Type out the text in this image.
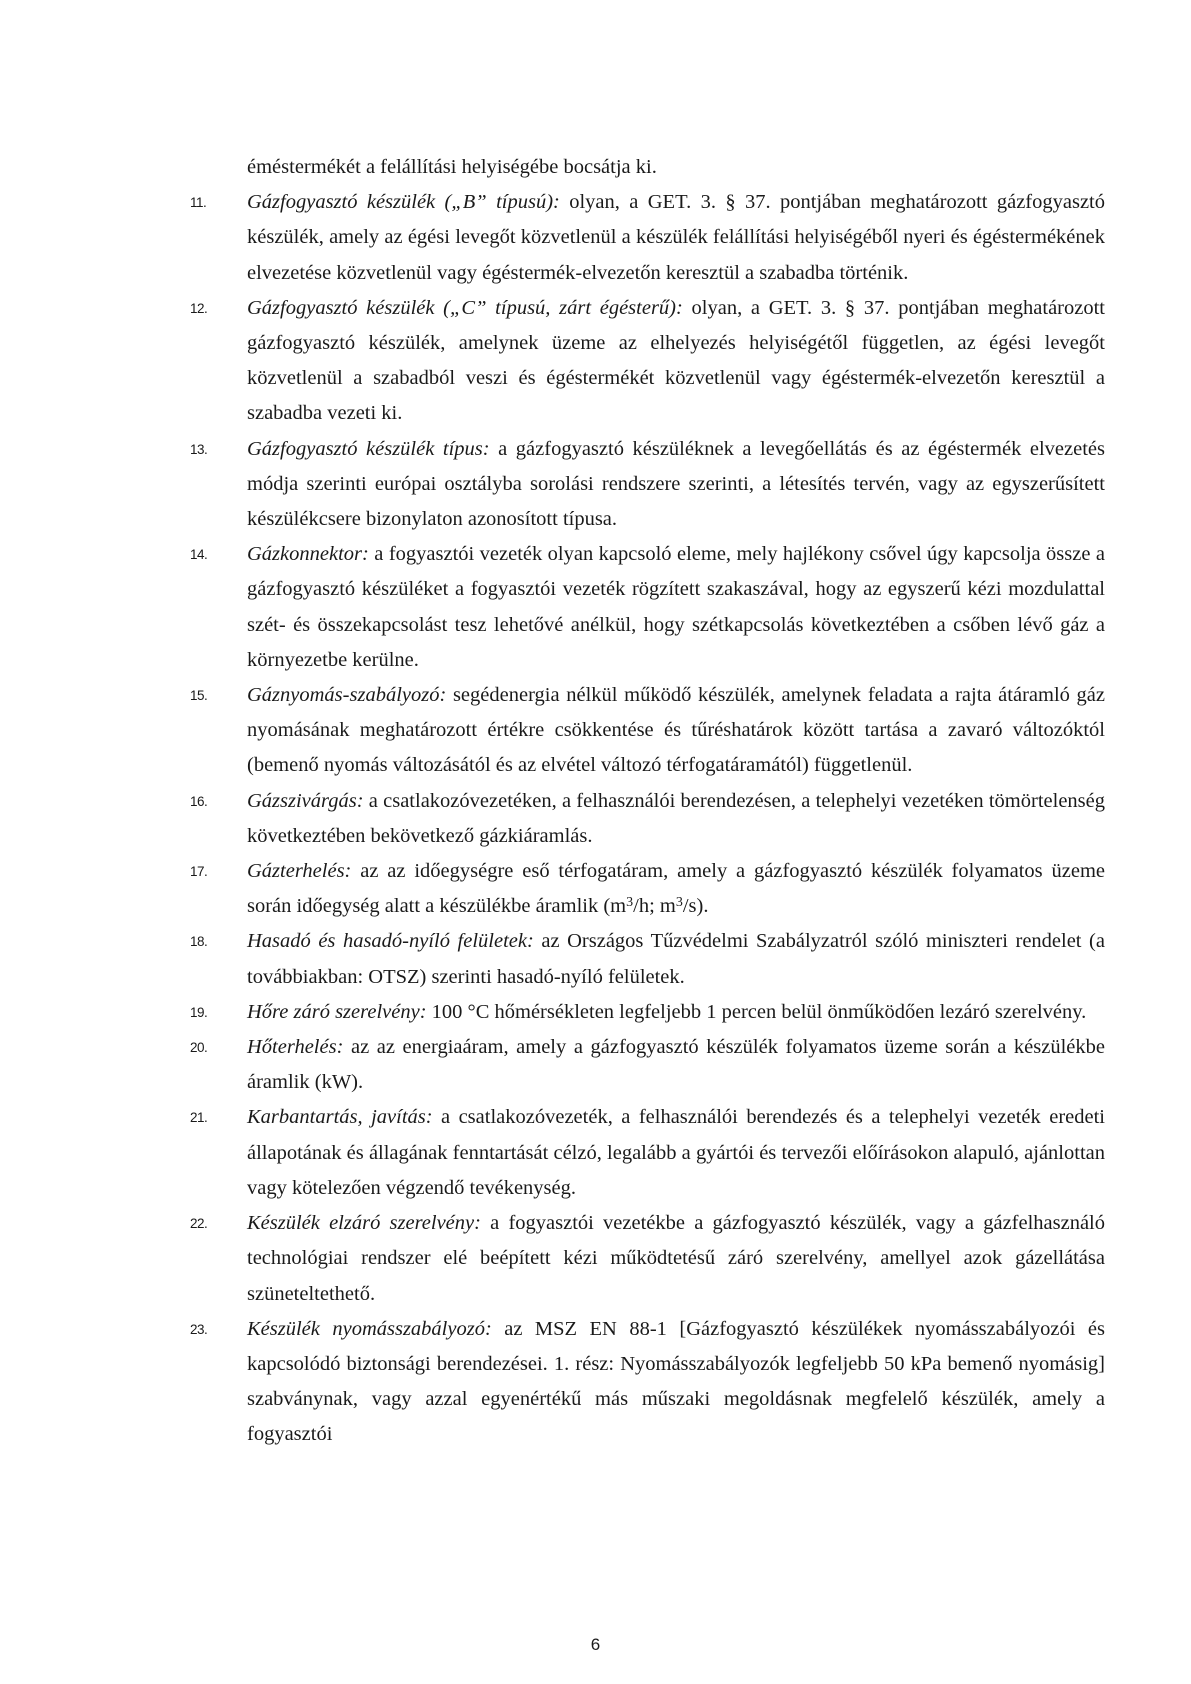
éméstermékét a felállítási helyiségébe bocsátja ki.

11. Gázfogyasztó készülék („B” típusú): olyan, a GET. 3. § 37. pontjában meghatározott gázfogyasztó készülék, amely az égési levegőt közvetlenül a készülék felállítási helyiségéből nyeri és égéstermékének elvezetése közvetlenül vagy égéstermék-elvezetőn keresztül a szabadba történik.

12. Gázfogyasztó készülék („C” típusú, zárt égésterű): olyan, a GET. 3. § 37. pontjában meghatározott gázfogyasztó készülék, amelynek üzeme az elhelyezés helyiségétől független, az égési levegőt közvetlenül a szabadból veszi és égéstermékét közvetlenül vagy égéstermék-elvezetőn keresztül a szabadba vezeti ki.

13. Gázfogyasztó készülék típus: a gázfogyasztó készüléknek a levegőellátás és az égéstermék elvezetés módja szerinti európai osztályba sorolási rendszere szerinti, a létesítés tervén, vagy az egyszerűsített készülékcsere bizonylaton azonosított típusa.

14. Gázkonnektor: a fogyasztói vezeték olyan kapcsoló eleme, mely hajlékony csővel úgy kapcsolja össze a gázfogyasztó készüléket a fogyasztói vezeték rögzített szakaszával, hogy az egyszerű kézi mozdulattal szét- és összekapcsolást tesz lehetővé anélkül, hogy szétkapcsolás következtében a csőben lévő gáz a környezetbe kerülne.

15. Gáznyomás-szabályozó: segédenergia nélkül működő készülék, amelynek feladata a rajta átáramló gáz nyomásának meghatározott értékre csökkentése és tűréshatárok között tartása a zavaró változóktól (bemenő nyomás változásától és az elvétel változó térfogatáramától) függetlenül.

16. Gázszivárgás: a csatlakozóvezetéken, a felhasználói berendezésen, a telephelyi vezetéken tömörtelenség következtében bekövetkező gázkiáramlás.

17. Gázterhelés: az az időegységre eső térfogatáram, amely a gázfogyasztó készülék folyamatos üzeme során időegység alatt a készülékbe áramlik ($m^3/h$; $m^3/s$).

18. Hasadó és hasadó-nyíló felületek: az Országos Tűzvédelmi Szabályzatról szóló miniszteri rendelet (a továbbiakban: OTSZ) szerinti hasadó-nyíló felületek.

19. Hőre záró szerelvény: 100 °C hőmérsékleten legfeljebb 1 percen belül önműködően lezáró szerelvény.

20. Hőterhelés: az az energiaáram, amely a gázfogyasztó készülék folyamatos üzeme során a készülékbe áramlik (kW).

21. Karbantartás, javítás: a csatlakozóvezeték, a felhasználói berendezés és a telephelyi vezeték eredeti állapotának és állagának fenntartását célzó, legalább a gyártói és tervezői előírásokon alapuló, ajánlottan vagy kötelezően végzendő tevékenység.

22. Készülék elzáró szerelvény: a fogyasztói vezetékbe a gázfogyasztó készülék, vagy a gázfelhasználó technológiai rendszer elé beépített kézi működtetésű záró szerelvény, amellyel azok gázellátása szüneteltethető.

23. Készülék nyomásszabályozó: az MSZ EN 88-1 [Gázfogyasztó készülékek nyomásszabályozói és kapcsolódó biztonsági berendezései. 1. rész: Nyomásszabályozók legfeljebb 50 kPa bemenő nyomásig] szabványnak, vagy azzal egyenértékű más műszaki megoldásnak megfelelő készülék, amely a fogyasztói

6
